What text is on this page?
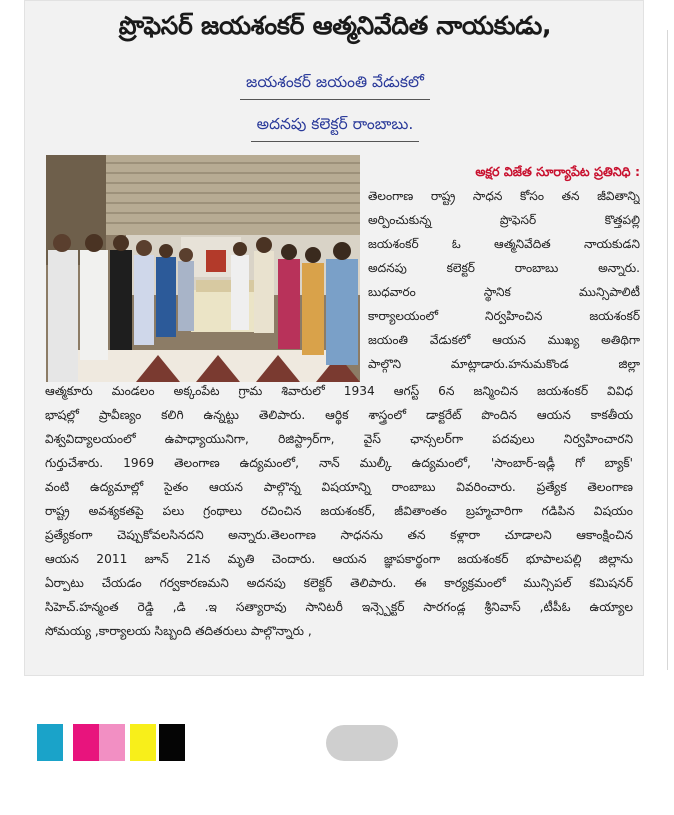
ప్రొఫెసర్ జయశంకర్ ఆత్మనివేదిత నాయకుడు,

జయశంకర్ జయంతి వేడుకలో

అదనపు కలెక్టర్ రాంబాబు.

అక్షర విజేత సూర్యాపేట ప్రతినిధి :

తెలంగాణ రాష్ట్ర సాధన కోసం తన జీవితాన్ని

అర్పించుకున్న ప్రొఫెసర్ కొత్తపల్లి

జయశంకర్ ఓ ఆత్మనివేదిత నాయకుడని

అదనపు కలెక్టర్ రాంబాబు అన్నారు.

బుధవారం స్థానిక మున్సిపాలిటీ

కార్యాలయంలో నిర్వహించిన జయశంకర్

జయంతి వేడుకలో ఆయన ముఖ్య అతిథిగా

పాల్గొని మాట్లాడారు.హనుమకొండ జిల్లా

ఆత్మకూరు మండలం అక్కంపేట గ్రామ శివారులో 1934 ఆగస్ట్ 6న జన్మించిన జయశంకర్ వివిధ

భాషల్లో ప్రావీణ్యం కలిగి ఉన్నట్టు తెలిపారు. ఆర్థిక శాస్త్రంలో డాక్టరేట్ పొందిన ఆయన కాకతీయ

విశ్వవిద్యాలయంలో ఉపాధ్యాయునిగా, రిజిస్ట్రార్‌గా, వైస్ ఛాన్సలర్‌గా పదవులు నిర్వహించారని

గుర్తుచేశారు. 1969 తెలంగాణ ఉద్యమంలో, నాన్ ముల్కీ ఉద్యమంలో, 'సాంబార్-ఇడ్లీ గో బ్యాక్'

వంటి ఉద్యమాల్లో సైతం ఆయన పాల్గొన్న విషయాన్ని రాంబాబు వివరించారు. ప్రత్యేక తెలంగాణ

రాష్ట్ర అవశ్యకతపై పలు గ్రంథాలు రచించిన జయశంకర్, జీవితాంతం బ్రహ్మచారిగా గడిపిన విషయం

ప్రత్యేకంగా చెప్పుకోవలసినదని అన్నారు.తెలంగాణ సాధనను తన కళ్లారా చూడాలని ఆకాంక్షించిన

ఆయన 2011 జూన్ 21న మృతి చెందారు. ఆయన జ్ఞాపకార్థంగా జయశంకర్ భూపాలపల్లి జిల్లాను

ఏర్పాటు చేయడం గర్వకారణమని అదనపు కలెక్టర్ తెలిపారు. ఈ కార్యక్రమంలో మున్సిపల్ కమిషనర్

సిహెచ్.హన్మంత రెడ్డి ,డి .ఇ సత్యారావు సానిటరీ ఇన్స్పెక్టర్ సారగండ్ల శ్రీనివాస్ ,టీపీఓ ఉయ్యాల

సోమయ్య ,కార్యాలయ సిబ్బంది తదితరులు పాల్గొన్నారు ,
